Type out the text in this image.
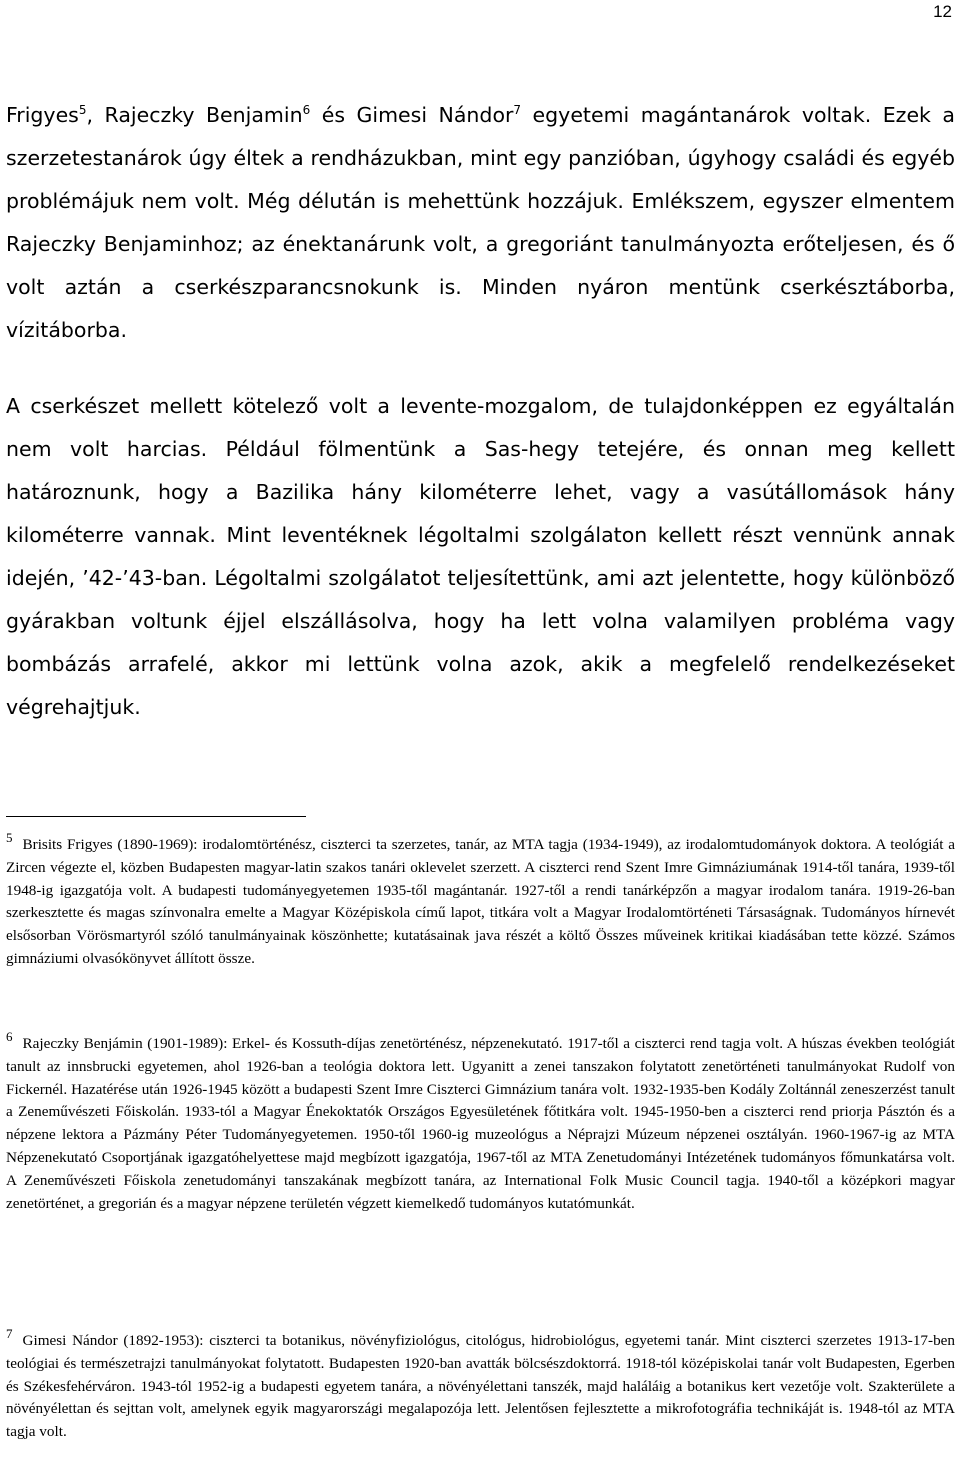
12

Frigyes$^5$, Rajeczky Benjamin$^6$ és Gimesi Nándor$^7$ egyetemi magántanárok voltak. Ezek a szerzetestanárok úgy éltek a rendházukban, mint egy panzióban, úgyhogy családi és egyéb problémájuk nem volt. Még délután is mehettünk hozzájuk. Emlékszem, egyszer elmentem Rajeczky Benjaminhoz; az énektanárunk volt, a gregoriánt tanulmányozta erőteljesen, és ő volt aztán a cserkészparancsnokunk is. Minden nyáron mentünk cserkésztáborba, vízitáborba.

A cserkészet mellett kötelező volt a levente-mozgalom, de tulajdonképpen ez egyáltalán nem volt harcias. Például fölmentünk a Sas-hegy tetejére, és onnan meg kellett határoznunk, hogy a Bazilika hány kilométerre lehet, vagy a vasútállomások hány kilométerre vannak. Mint leventéknek légoltalmi szolgálaton kellett részt vennünk annak idején, ’42-’43-ban. Légoltalmi szolgálatot teljesítettünk, ami azt jelentette, hogy különböző gyárakban voltunk éjjel elszállásolva, hogy ha lett volna valamilyen probléma vagy bombázás arrafelé, akkor mi lettünk volna azok, akik a megfelelő rendelkezéseket végrehajtjuk.

5 Brisits Frigyes (1890-1969): irodalomtörténész, ciszterci ta szerzetes, tanár, az MTA tagja (1934-1949), az irodalomtudományok doktora. A teológiát a Zircen végezte el, közben Budapesten magyar-latin szakos tanári oklevelet szerzett. A ciszterci rend Szent Imre Gimnáziumának 1914-től tanára, 1939-től 1948-ig igazgatója volt. A budapesti tudományegyetemen 1935-től magántanár. 1927-től a rendi tanárképzőn a magyar irodalom tanára. 1919-26-ban szerkesztette és magas színvonalra emelte a Magyar Középiskola című lapot, titkára volt a Magyar Irodalomtörténeti Társaságnak. Tudományos hírnevét elsősorban Vörösmartyról szóló tanulmányainak köszönhette; kutatásainak java részét a költő Összes műveinek kritikai kiadásában tette közzé. Számos gimnáziumi olvasókönyvet állított össze.

6 Rajeczky Benjámin (1901-1989): Erkel- és Kossuth-díjas zenetörténész, népzenekutató. 1917-től a ciszterci rend tagja volt. A húszas években teológiát tanult az innsbrucki egyetemen, ahol 1926-ban a teológia doktora lett. Ugyanitt a zenei tanszakon folytatott zenetörténeti tanulmányokat Rudolf von Fickernél. Hazatérése után 1926-1945 között a budapesti Szent Imre Ciszterci Gimnázium tanára volt. 1932-1935-ben Kodály Zoltánnál zeneszerzést tanult a Zeneművészeti Főiskolán. 1933-tól a Magyar Énekoktatók Országos Egyesületének főtitkára volt. 1945-1950-ben a ciszterci rend priorja Pásztón és a népzene lektora a Pázmány Péter Tudományegyetemen. 1950-től 1960-ig muzeológus a Néprajzi Múzeum népzenei osztályán. 1960-1967-ig az MTA Népzenekutató Csoportjának igazgatóhelyettese majd megbízott igazgatója, 1967-től az MTA Zenetudományi Intézetének tudományos főmunkatársa volt. A Zeneművészeti Főiskola zenetudományi tanszakának megbízott tanára, az International Folk Music Council tagja. 1940-től a középkori magyar zenetörténet, a gregorián és a magyar népzene területén végzett kiemelkedő tudományos kutatómunkát.

7 Gimesi Nándor (1892-1953): ciszterci ta botanikus, növényfiziológus, citológus, hidrobiológus, egyetemi tanár. Mint ciszterci szerzetes 1913-17-ben teológiai és természetrajzi tanulmányokat folytatott. Budapesten 1920-ban avatták bölcsészdoktorrá. 1918-tól középiskolai tanár volt Budapesten, Egerben és Székesfehérváron. 1943-tól 1952-ig a budapesti egyetem tanára, a növényélettani tanszék, majd haláláig a botanikus kert vezetője volt. Szakterülete a növényélettan és sejttan volt, amelynek egyik magyarországi megalapozója lett. Jelentősen fejlesztette a mikrofotográfia technikáját is. 1948-tól az MTA tagja volt.
